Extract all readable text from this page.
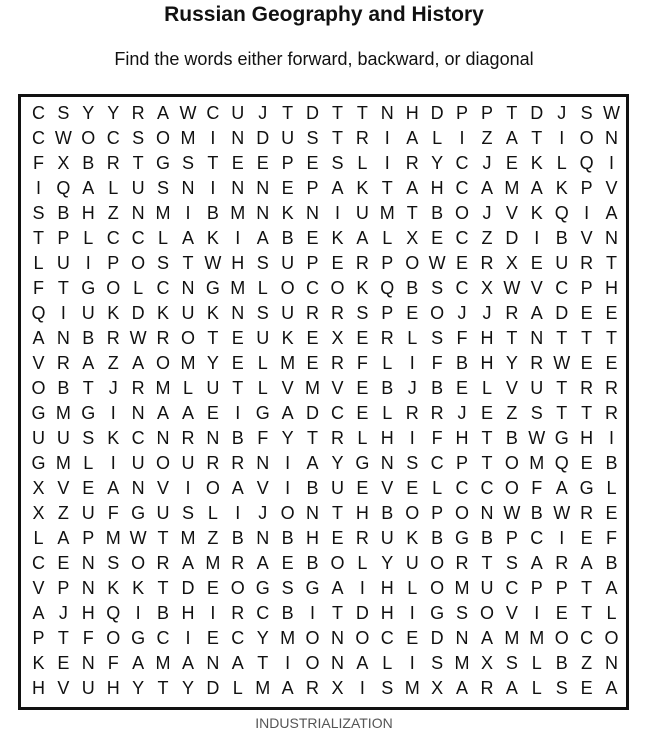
Russian Geography and History

Find the words either forward, backward, or diagonal

C S Y Y R A W C U J T D T T N H D P P T D J S W
C W O C S O M I N D U S T R I A L I Z A T I O N
F X B R T G S T E E P E S L I R Y C J E K L Q I
I Q A L U S N I N N E P A K T A H C A M A K P V
S B H Z N M I B M N K N I U M T B O J V K Q I A
T P L C C L A K I A B E K A L X E C Z D I B V N
L U I P O S T W H S U P E R P O W E R X E U R T
F T G O L C N G M L O C O K Q B S C X W V C P H
Q I U K D K U K N S U R R S P E O J J R A D E E
A N B R W R O T E U K E X E R L S F H T N T T T
V R A Z A O M Y E L M E R F L I F B H Y R W E E
O B T J R M L U T L V M V E B J B E L V U T R R
G M G I N A A E I G A D C E L R R J E Z S T T R
U U S K C N R N B F Y T R L H I F H T B W G H I
G M L I U O U R R N I A Y G N S C P T O M Q E B
X V E A N V I O A V I B U E V E L C C O F A G L
X Z U F G U S L I J O N T H B O P O N W B W R E
L A P M W T M Z B N B H E R U K B G B P C I E F
C E N S O R A M R A E B O L Y U O R T S A R A B
V P N K K T D E O G S G A I H L O M U C P P T A
A J H Q I B H I R C B I T D H I G S O V I E T L
P T F O G C I E C Y M O N O C E D N A M M O C O
K E N F A M A N A T I O N A L I S M X S L B Z N
H V U H Y T Y D L M A R X I S M X A R A L S E A

INDUSTRIALIZATION
